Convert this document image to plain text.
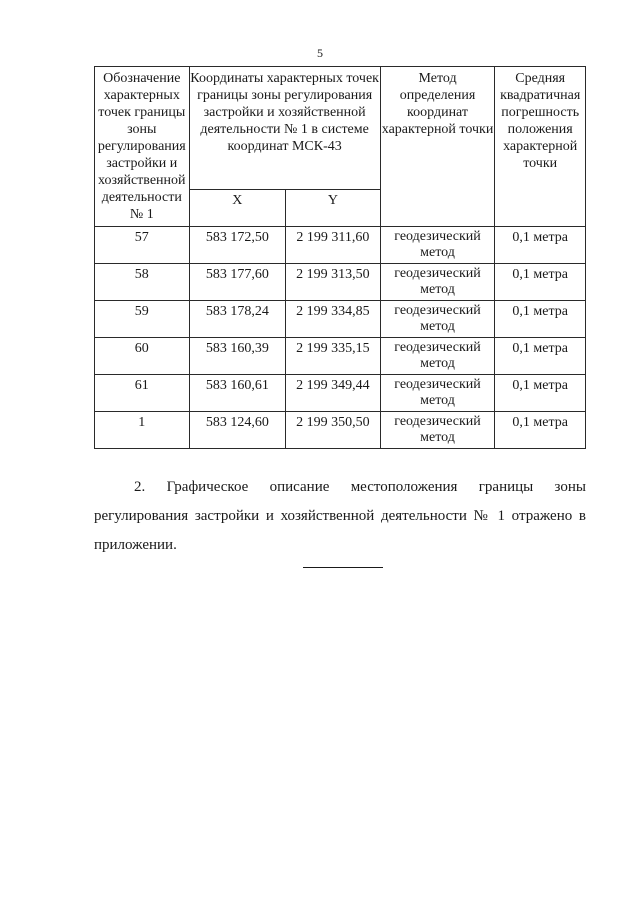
5
Обозначение характерных точек границы зоны регулирования застройки и хозяйственной деятельности № 1	Координаты характерных точек границы зоны регулирования застройки и хозяйственной деятельности № 1 в системе координат МСК-43		Метод определения координат характерной точки	Средняя квадратичная погрешность положения характерной точки
	X	Y		
57	583 172,50	2 199 311,60	геодезический метод	0,1 метра
58	583 177,60	2 199 313,50	геодезический метод	0,1 метра
59	583 178,24	2 199 334,85	геодезический метод	0,1 метра
60	583 160,39	2 199 335,15	геодезический метод	0,1 метра
61	583 160,61	2 199 349,44	геодезический метод	0,1 метра
1	583 124,60	2 199 350,50	геодезический метод	0,1 метра

2. Графическое описание местоположения границы зоны регулирования застройки и хозяйственной деятельности № 1 отражено в приложении.
